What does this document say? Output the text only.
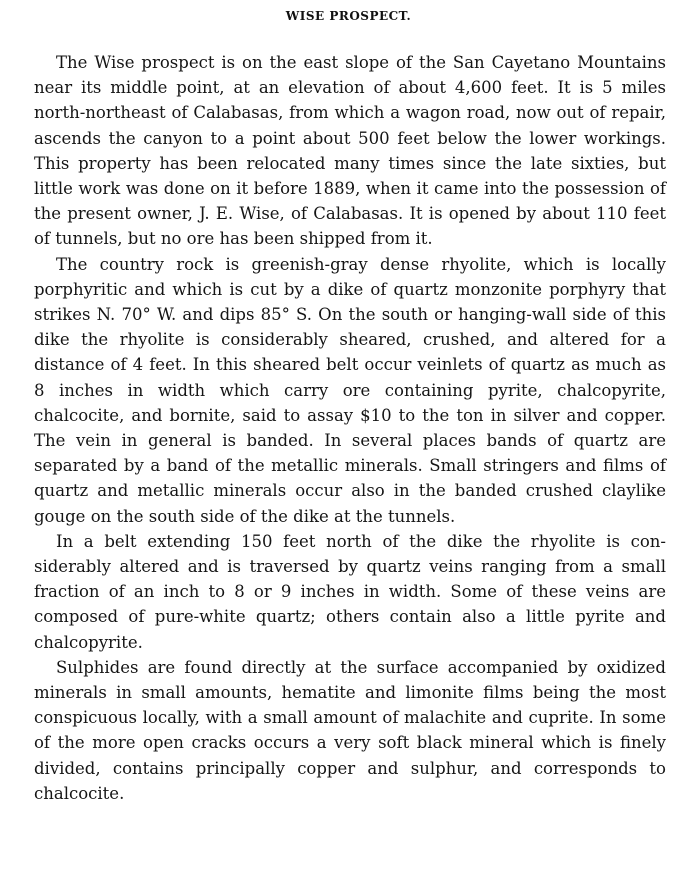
WISE PROSPECT.

The Wise prospect is on the east slope of the San Cayetano Mountains near its middle point, at an elevation of about 4,600 feet. It is 5 miles north-northeast of Calabasas, from which a wagon road, now out of repair, ascends the canyon to a point about 500 feet below the lower workings. This property has been relocated many times since the late sixties, but little work was done on it before 1889, when it came into the possession of the present owner, J. E. Wise, of Calabasas. It is opened by about 110 feet of tunnels, but no ore has been shipped from it.

The country rock is greenish-gray dense rhyolite, which is locally porphyritic and which is cut by a dike of quartz monzonite porphyry that strikes N. 70° W. and dips 85° S. On the south or hanging-wall side of this dike the rhyolite is considerably sheared, crushed, and altered for a distance of 4 feet. In this sheared belt occur veinlets of quartz as much as 8 inches in width which carry ore containing pyrite, chalcopyrite, chalcocite, and bornite, said to assay $10 to the ton in silver and copper. The vein in general is banded. In several places bands of quartz are separated by a band of the metallic minerals. Small stringers and films of quartz and metallic minerals occur also in the banded crushed claylike gouge on the south side of the dike at the tunnels.

In a belt extending 150 feet north of the dike the rhyolite is considerably altered and is traversed by quartz veins ranging from a small fraction of an inch to 8 or 9 inches in width. Some of these veins are composed of pure-white quartz; others contain also a little pyrite and chalcopyrite.

Sulphides are found directly at the surface accompanied by oxidized minerals in small amounts, hematite and limonite films being the most conspicuous locally, with a small amount of malachite and cuprite. In some of the more open cracks occurs a very soft black mineral which is finely divided, contains principally copper and sulphur, and corresponds to chalcocite.
